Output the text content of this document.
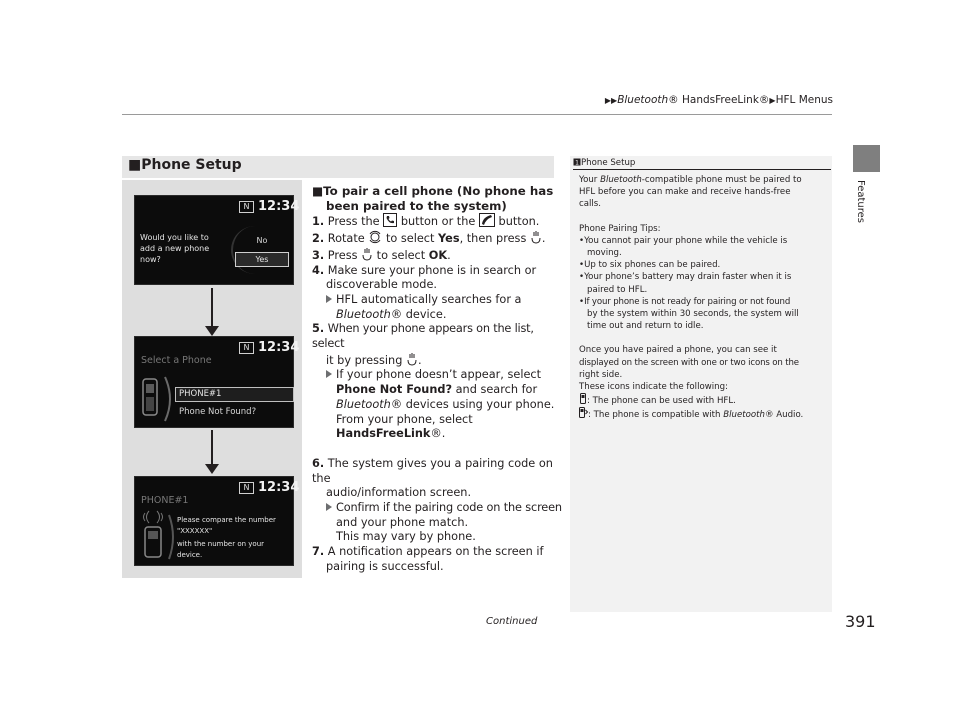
▶▶Bluetooth® HandsFreeLink®▶HFL Menus
Features
■Phone Setup
N 12:34
Would you like to
add a new phone
now?
No
Yes
N 12:34
Select a Phone
PHONE#1
Phone Not Found?
N 12:34
PHONE#1
Please compare the number
"XXXXXX"
with the number on your
device.
■To pair a cell phone (No phone has
been paired to the system)
1. Press the button or the button.
2. Rotate to select Yes, then press .
3. Press to select OK.
4. Make sure your phone is in search or
discoverable mode.
HFL automatically searches for a
Bluetooth® device.
5. When your phone appears on the list, select
it by pressing .
If your phone doesn’t appear, select
Phone Not Found? and search for
Bluetooth® devices using your phone.
From your phone, select
HandsFreeLink®.
6. The system gives you a pairing code on the
audio/information screen.
Confirm if the pairing code on the screen
and your phone match.
This may vary by phone.
7. A notification appears on the screen if
pairing is successful.
1 Phone Setup
Your Bluetooth-compatible phone must be paired to
HFL before you can make and receive hands-free
calls.
Phone Pairing Tips:
•You cannot pair your phone while the vehicle is
moving.
•Up to six phones can be paired.
•Your phone’s battery may drain faster when it is
paired to HFL.
•If your phone is not ready for pairing or not found
by the system within 30 seconds, the system will
time out and return to idle.
Once you have paired a phone, you can see it
displayed on the screen with one or two icons on the
right side.
These icons indicate the following:
: The phone can be used with HFL.
: The phone is compatible with Bluetooth® Audio.
Continued	391
